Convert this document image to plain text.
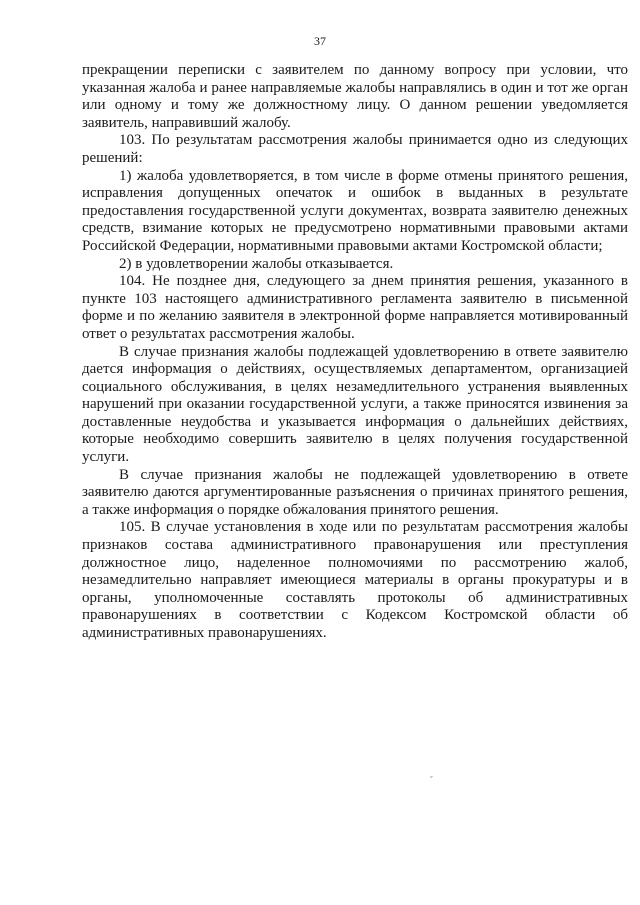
37

прекращении переписки с заявителем по данному вопросу при условии, что указанная жалоба и ранее направляемые жалобы направлялись в один и тот же орган или одному и тому же должностному лицу. О данном решении уведомляется заявитель, направивший жалобу.

103. По результатам рассмотрения жалобы принимается одно из следующих решений:

1) жалоба удовлетворяется, в том числе в форме отмены принятого решения, исправления допущенных опечаток и ошибок в выданных в результате предоставления государственной услуги документах, возврата заявителю денежных средств, взимание которых не предусмотрено нормативными правовыми актами Российской Федерации, нормативными правовыми актами Костромской области;

2) в удовлетворении жалобы отказывается.

104. Не позднее дня, следующего за днем принятия решения, указанного в пункте 103 настоящего административного регламента заявителю в письменной форме и по желанию заявителя в электронной форме направляется мотивированный ответ о результатах рассмотрения жалобы.

В случае признания жалобы подлежащей удовлетворению в ответе заявителю дается информация о действиях, осуществляемых департаментом, организацией социального обслуживания, в целях незамедлительного устранения выявленных нарушений при оказании государственной услуги, а также приносятся извинения за доставленные неудобства и указывается информация о дальнейших действиях, которые необходимо совершить заявителю в целях получения государственной услуги.

В случае признания жалобы не подлежащей удовлетворению в ответе заявителю даются аргументированные разъяснения о причинах принятого решения, а также информация о порядке обжалования принятого решения.

105. В случае установления в ходе или по результатам рассмотрения жалобы признаков состава административного правонарушения или преступления должностное лицо, наделенное полномочиями по рассмотрению жалоб, незамедлительно направляет имеющиеся материалы в органы прокуратуры и в органы, уполномоченные составлять протоколы об административных правонарушениях в соответствии с Кодексом Костромской области об административных правонарушениях.

ˇ
